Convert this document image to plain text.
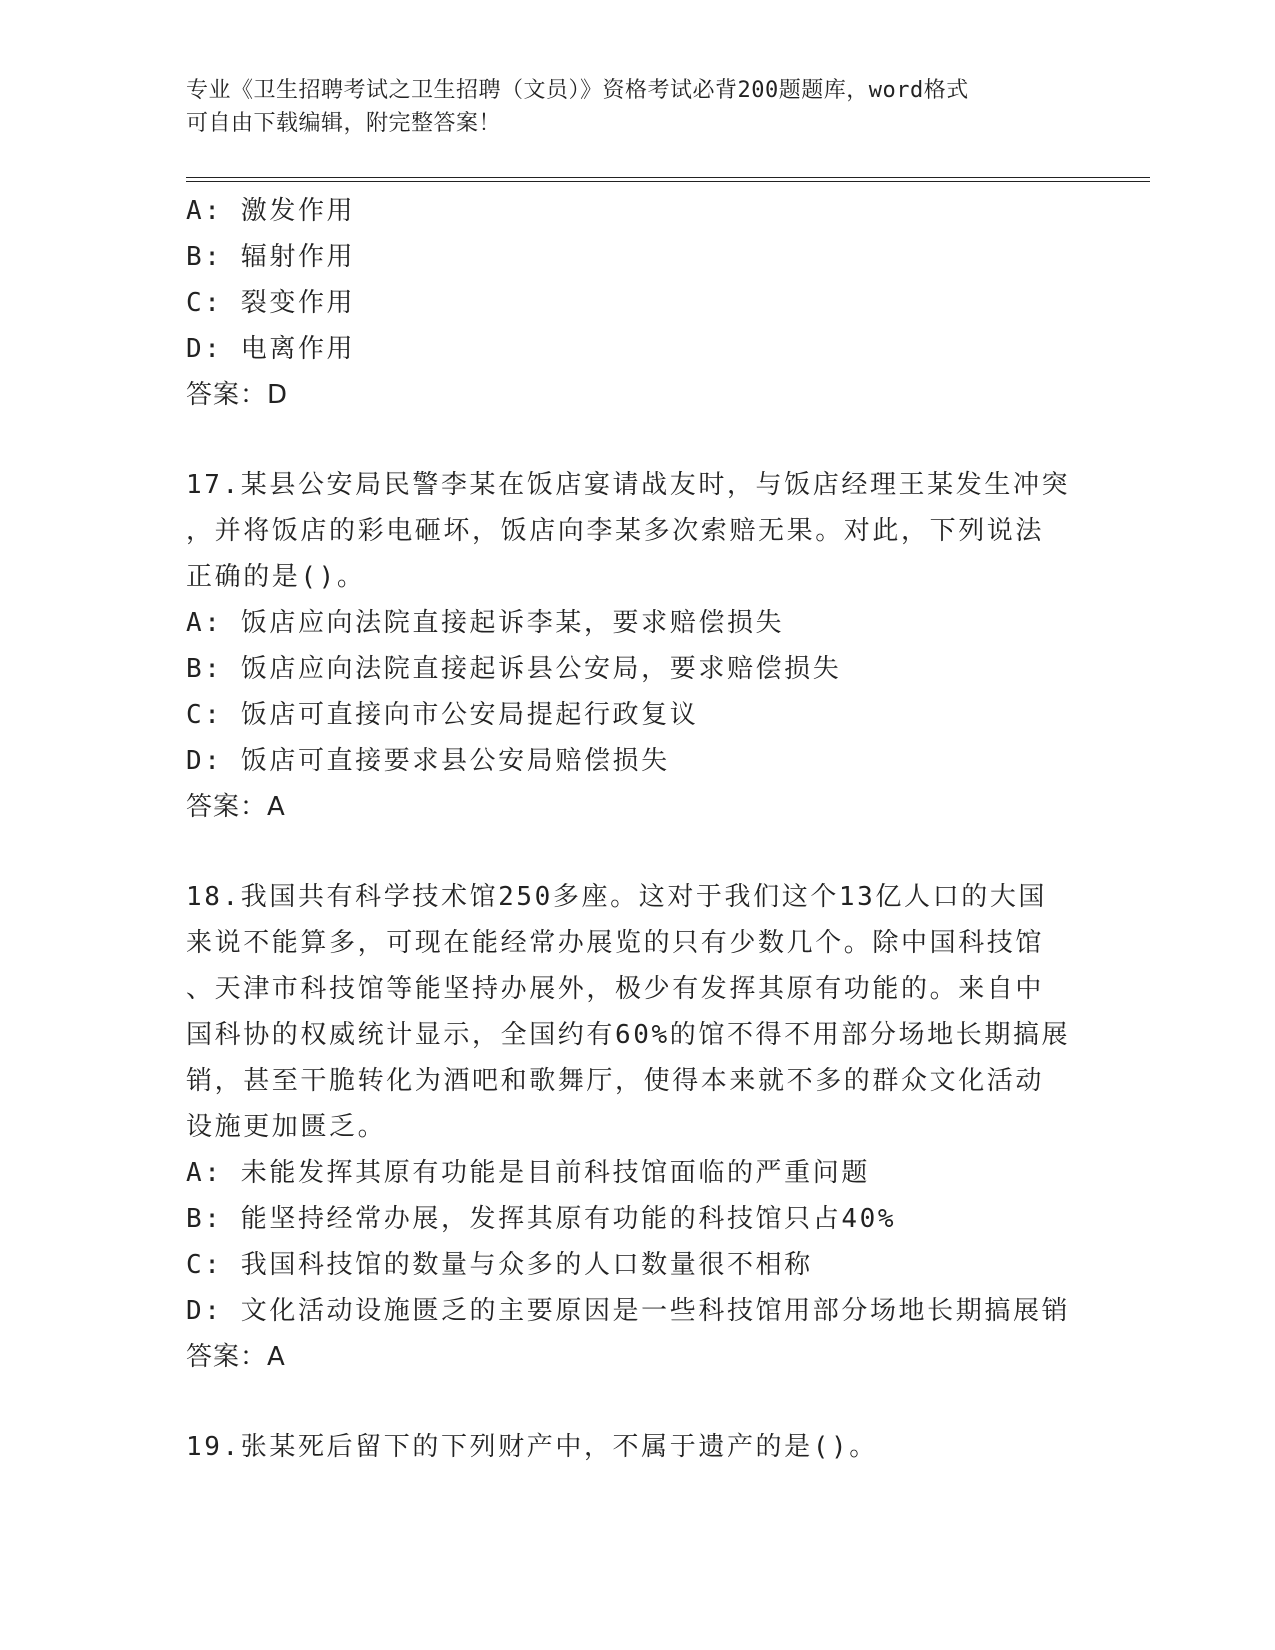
专业《卫生招聘考试之卫生招聘（文员）》资格考试必背200题题库，word格式
可自由下载编辑，附完整答案！
A: 激发作用
B: 辐射作用
C: 裂变作用
D: 电离作用
答案：D
17.某县公安局民警李某在饭店宴请战友时，与饭店经理王某发生冲突
，并将饭店的彩电砸坏，饭店向李某多次索赔无果。对此，下列说法
正确的是()。
A: 饭店应向法院直接起诉李某，要求赔偿损失
B: 饭店应向法院直接起诉县公安局，要求赔偿损失
C: 饭店可直接向市公安局提起行政复议
D: 饭店可直接要求县公安局赔偿损失
答案：A
18.我国共有科学技术馆250多座。这对于我们这个13亿人口的大国
来说不能算多，可现在能经常办展览的只有少数几个。除中国科技馆
、天津市科技馆等能坚持办展外，极少有发挥其原有功能的。来自中
国科协的权威统计显示，全国约有60%的馆不得不用部分场地长期搞展
销，甚至干脆转化为酒吧和歌舞厅，使得本来就不多的群众文化活动
设施更加匮乏。
A: 未能发挥其原有功能是目前科技馆面临的严重问题
B: 能坚持经常办展，发挥其原有功能的科技馆只占40%
C: 我国科技馆的数量与众多的人口数量很不相称
D: 文化活动设施匮乏的主要原因是一些科技馆用部分场地长期搞展销
答案：A
19.张某死后留下的下列财产中，不属于遗产的是()。
